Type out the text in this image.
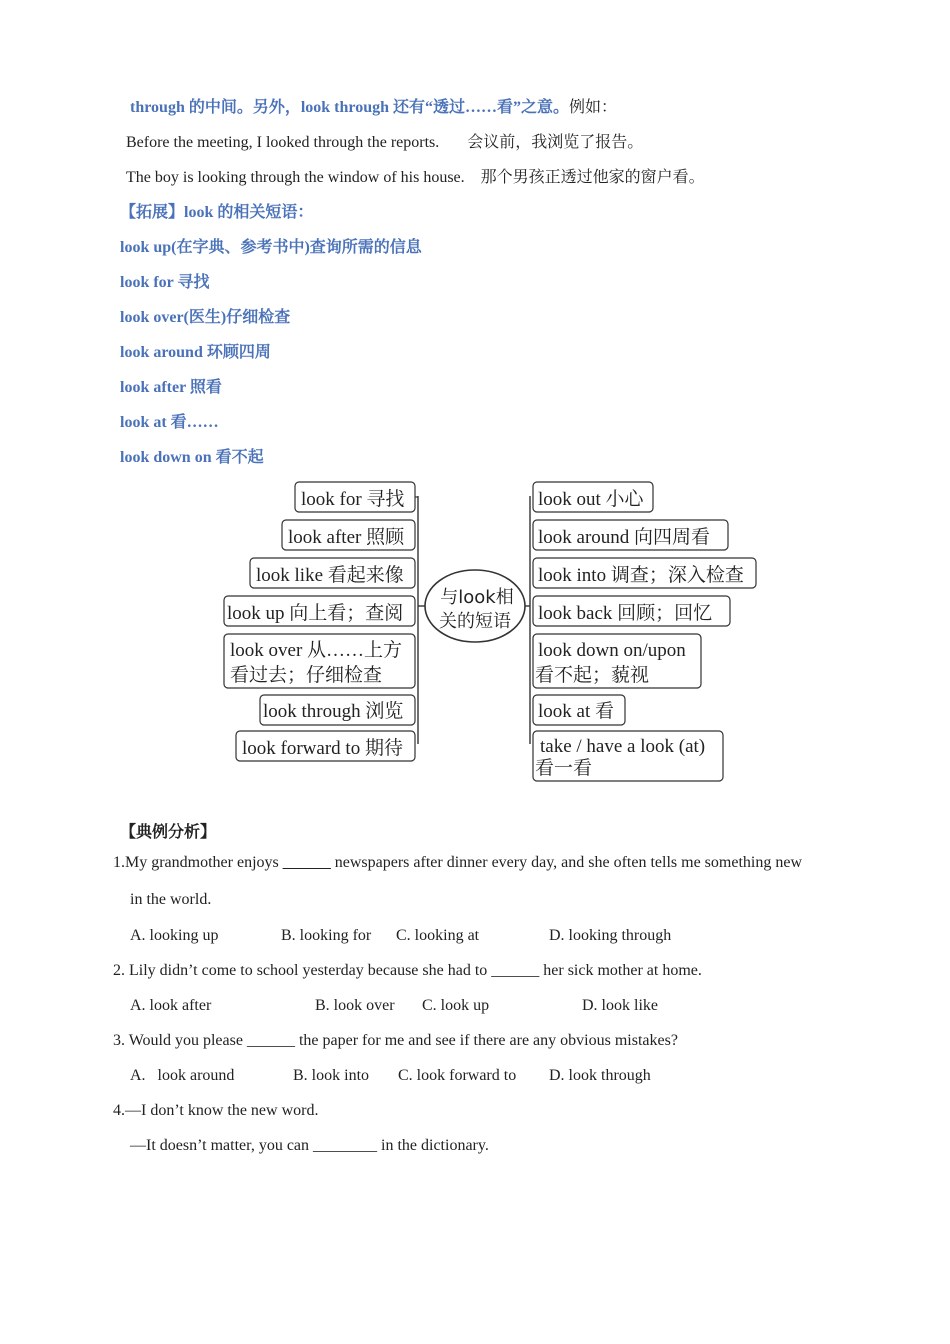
through 的中间。另外，look through 还有“透过……看”之意。例如：
Before the meeting, I looked through the reports. 会议前，我浏览了报告。
The boy is looking through the window of his house. 那个男孩正透过他家的窗户看。
【拓展】look 的相关短语：
look up(在字典、参考书中)查询所需的信息
look for 寻找
look over(医生)仔细检查
look around 环顾四周
look after 照看
look at 看……
look down on 看不起
与look相
关的短语
look for 寻找
look after 照顾
look like 看起来像
look up 向上看；查阅
look over 从……上方
看过去；仔细检查
look through 浏览
look forward to 期待
look out 小心
look around 向四周看
look into 调查；深入检查
look back 回顾；回忆
look down on/upon
看不起；藐视
look at 看
take / have a look (at)
看一看
【典例分析】
1.My grandmother enjoys ______ newspapers after dinner every day, and she often tells me something new
in the world.
A. looking up	B. looking for C. looking at	D. looking through
2. Lily didn’t come to school yesterday because she had to ______ her sick mother at home.
A. look after	B. look over C. look up	D. look like
3. Would you please ______ the paper for me and see if there are any obvious mistakes?
A.   look around	B. look into C. look forward to D. look through
4.—I don’t know the new word.
—It doesn’t matter, you can ________ in the dictionary.
